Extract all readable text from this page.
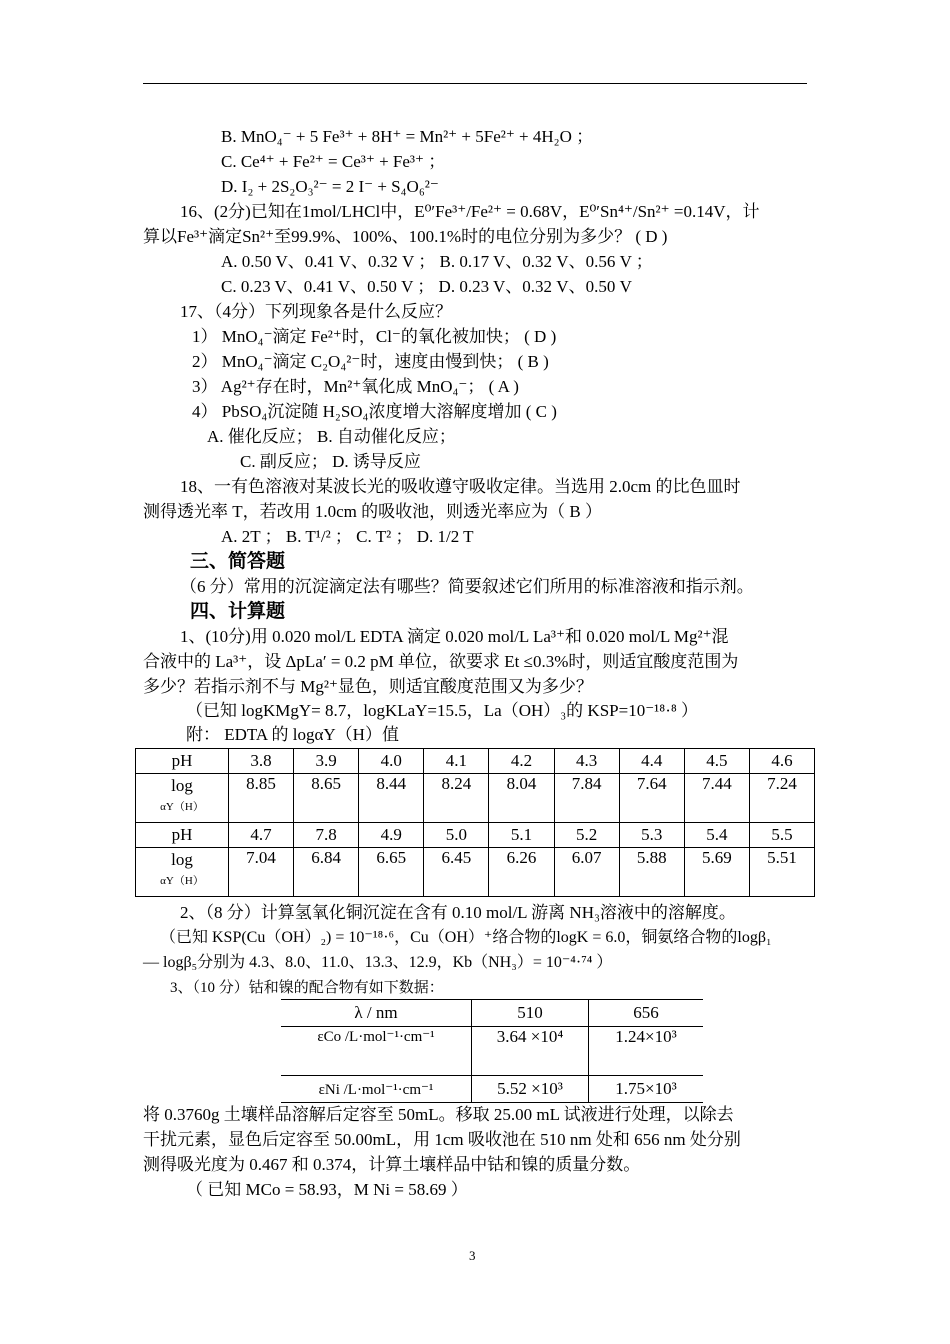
B. MnO₄⁻ + 5 Fe³⁺ + 8H⁺ = Mn²⁺ + 5Fe²⁺ + 4H₂O ；
C. Ce⁴⁺ + Fe²⁺ = Ce³⁺ + Fe³⁺ ；
D. I₂ + 2S₂O₃²⁻ = 2 I⁻ + S₄O₆²⁻
16、(2分)已知在1mol/LHCl中，E⁰′Fe³⁺/Fe²⁺ = 0.68V，E⁰′Sn⁴⁺/Sn²⁺ =0.14V，计
算以Fe³⁺滴定Sn²⁺至99.9%、100%、100.1%时的电位分别为多少？ ( D )
A. 0.50 V、0.41 V、0.32 V ； B. 0.17 V、0.32 V、0.56 V ；
C. 0.23 V、0.41 V、0.50 V ； D. 0.23 V、0.32 V、0.50 V
17、（4分）下列现象各是什么反应？
1） MnO₄⁻滴定 Fe²⁺时，Cl⁻的氧化被加快； ( D )
2） MnO₄⁻滴定 C₂O₄²⁻时，速度由慢到快； ( B )
3） Ag²⁺存在时，Mn²⁺氧化成 MnO₄⁻； ( A )
4） PbSO₄沉淀随 H₂SO₄浓度增大溶解度增加 ( C )
A. 催化反应； B. 自动催化反应；
C. 副反应； D. 诱导反应
18、一有色溶液对某波长光的吸收遵守吸收定律。当选用 2.0cm 的比色皿时
测得透光率 T，若改用 1.0cm 的吸收池，则透光率应为（ B ）
A. 2T ； B. T¹/² ； C. T² ； D. 1/2 T
三、简答题
（6 分）常用的沉淀滴定法有哪些？简要叙述它们所用的标准溶液和指示剂。
四、计算题
1、(10分)用 0.020 mol/L EDTA 滴定 0.020 mol/L La³⁺和 0.020 mol/L Mg²⁺混
合液中的 La³⁺，设 ΔpLa′ = 0.2 pM 单位，欲要求 Et ≤0.3%时，则适宜酸度范围为
多少？若指示剂不与 Mg²⁺显色，则适宜酸度范围又为多少？
（已知 logKMgY= 8.7，logKLaY=15.5，La（OH）₃的 KSP=10⁻¹⁸·⁸ ）
附： EDTA 的 logαY（H）值
pH	3.8	3.9	4.0	4.1	4.2	4.3	4.4	4.5	4.6

log
αY（H）	8.85	8.65	8.44	8.24	8.04	7.84	7.64	7.44	7.24
pH	4.7	7.8	4.9	5.0	5.1	5.2	5.3	5.4	5.5

log
αY（H）	7.04	6.84	6.65	6.45	6.26	6.07	5.88	5.69	5.51
2、（8 分）计算氢氧化铜沉淀在含有 0.10 mol/L 游离 NH₃溶液中的溶解度。
（已知 KSP(Cu（OH）₂) = 10⁻¹⁸·⁶，Cu（OH）⁺络合物的logK = 6.0，铜氨络合物的logβ₁
— logβ₅分别为 4.3、8.0、11.0、13.3、12.9，Kb（NH₃）= 10⁻⁴·⁷⁴ ）
3、（10 分）钴和镍的配合物有如下数据：
λ / nm	510	656
εCo /L·mol⁻¹·cm⁻¹	3.64 ×10⁴	1.24×10³
εNi /L·mol⁻¹·cm⁻¹	5.52 ×10³	1.75×10³
将 0.3760g 土壤样品溶解后定容至 50mL。移取 25.00 mL 试液进行处理，以除去
干扰元素，显色后定容至 50.00mL，用 1cm 吸收池在 510 nm 处和 656 nm 处分别
测得吸光度为 0.467 和 0.374，计算土壤样品中钴和镍的质量分数。
（ 已知 MCo = 58.93，M Ni = 58.69 ）
3
